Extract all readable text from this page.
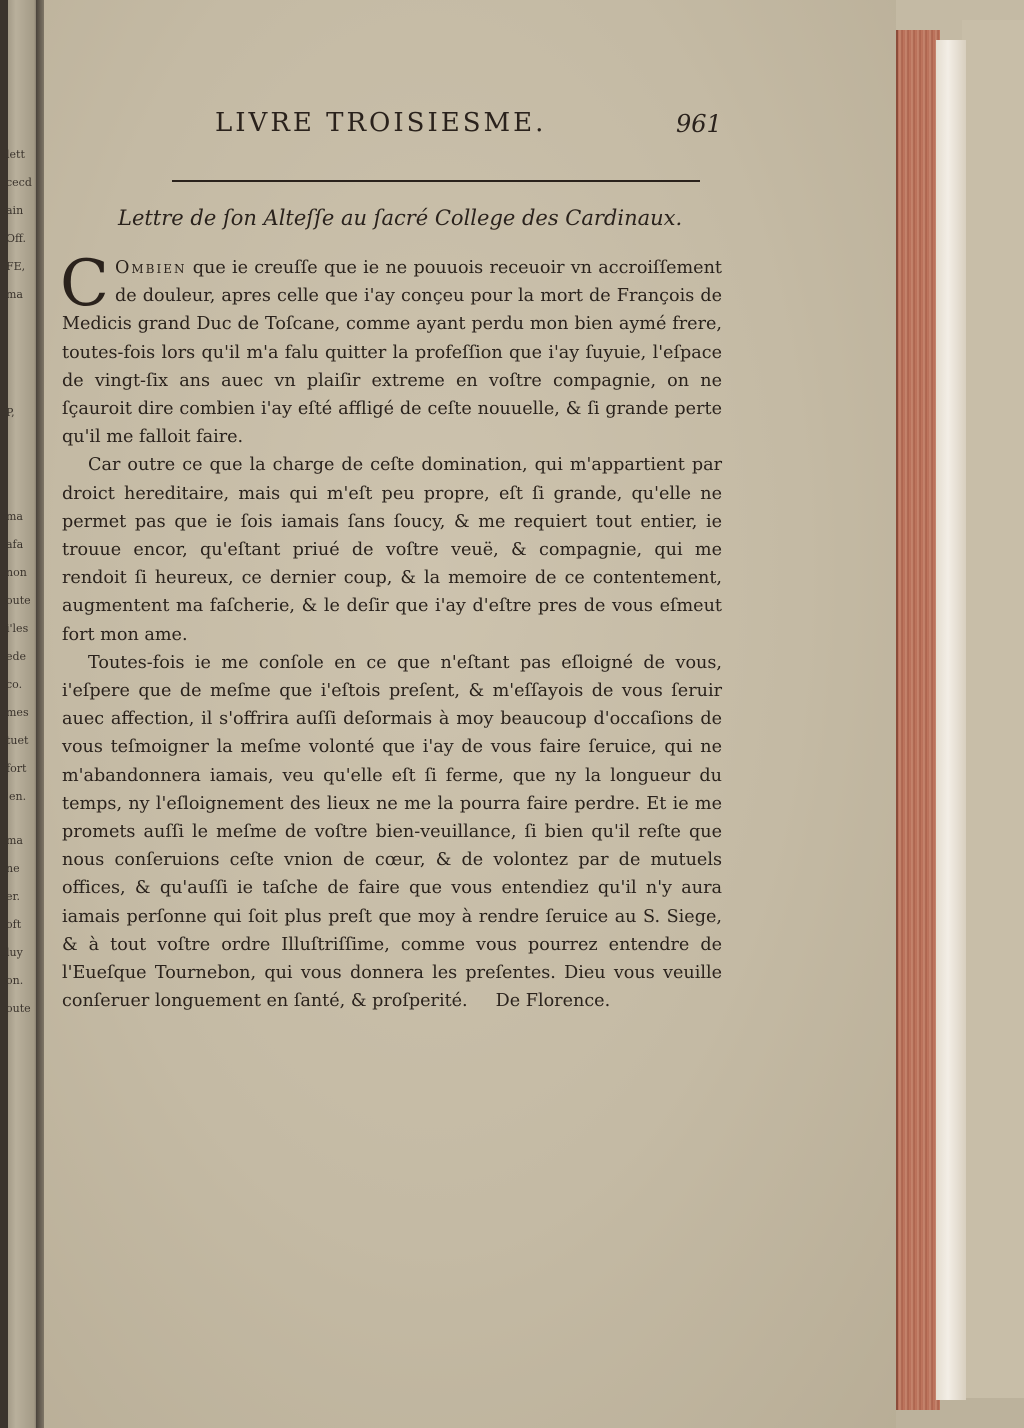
lett
cecd
ain
Off.
FE,
ma
P,
ma
afa
non
oute
i'les
ede
co.
mes
tuet
fort
'en.
ma
ne
er.
oft
luy
on.
oute
LIVRE TROISIESME.	961
Lettre de ſon Alteſſe au ſacré College des Cardinaux.

C Ombien que ie creuſſe que ie ne pouuois receuoir vn accroiſſement de douleur, apres celle que i'ay conçeu pour la mort de François de Medicis grand Duc de Toſcane, comme ayant perdu mon bien aymé frere, toutes-fois lors qu'il m'a falu quitter la profeſſion que i'ay ſuyuie, l'eſpace de vingt-ſix ans auec vn plaiſir extreme en voſtre compagnie, on ne ſçauroit dire combien i'ay eſté affligé de ceſte nouuelle, & ſi grande perte qu'il me falloit faire.

Car outre ce que la charge de ceſte domination, qui m'appartient par droict hereditaire, mais qui m'eſt peu propre, eſt ſi grande, qu'elle ne permet pas que ie ſois iamais ſans ſoucy, & me requiert tout entier, ie trouue encor, qu'eſtant priué de voſtre veuë, & compagnie, qui me rendoit ſi heureux, ce dernier coup, & la memoire de ce contentement, augmentent ma faſcherie, & le deſir que i'ay d'eſtre pres de vous eſmeut fort mon ame.

Toutes-fois ie me conſole en ce que n'eſtant pas eſloigné de vous, i'eſpere que de meſme que i'eſtois preſent, & m'eſſayois de vous ſeruir auec affection, il s'offrira auſſi deſormais à moy beaucoup d'occaſions de vous teſmoigner la meſme volonté que i'ay de vous faire ſeruice, qui ne m'abandonnera iamais, veu qu'elle eſt ſi ferme, que ny la longueur du temps, ny l'eſloignement des lieux ne me la pourra faire perdre. Et ie me promets auſſi le meſme de voſtre bien-veuillance, ſi bien qu'il reſte que nous conſeruions ceſte vnion de cœur, & de volontez par de mutuels offices, & qu'auſſi ie taſche de faire que vous entendiez qu'il n'y aura iamais perſonne qui ſoit plus preſt que moy à rendre ſeruice au S. Siege, & à tout voſtre ordre Illuſtriſſime, comme vous pourrez entendre de l'Eueſque Tournebon, qui vous donnera les preſentes. Dieu vous veuille conſeruer longuement en ſanté, & proſperité. De Florence.
